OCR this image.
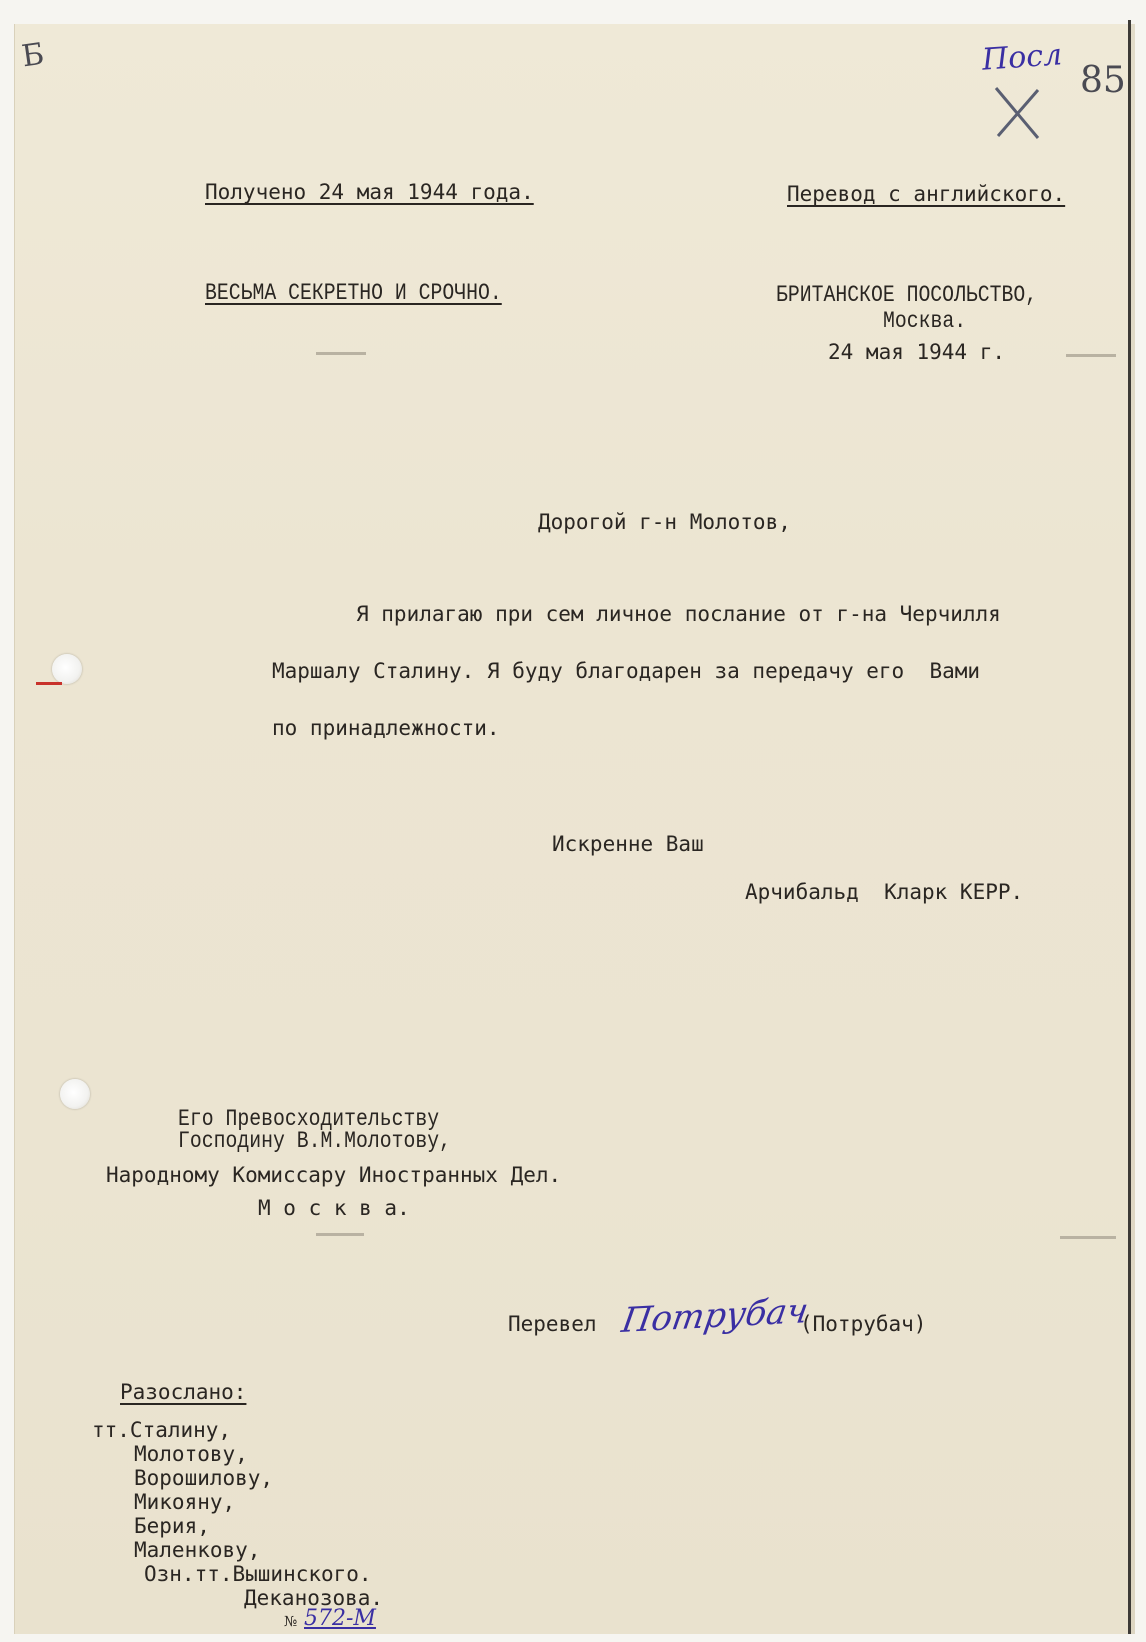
Б	Поcл
85
Получено 24 мая 1944 года.	Перевод с английского.
ВЕСЬМА СЕКРЕТНО И СРОЧНО.	БРИТАНСКОЕ ПОСОЛЬСТВО,
Москва.
24 мая 1944 г.
Дорогой г-н Молотов,
Я прилагаю при сем личное послание от г-на Черчилля
Маршалу Сталину. Я буду благодарен за передачу его  Вами
по принадлежности.
Искренне Ваш
Арчибальд  Кларк КЕРР.
Его Превосходительству
Господину В.М.Молотову,
Народному Комиссару Иностранных Дел.
М о с к в а.
Перевел Потрубач
(Потрубач)
Разослано:
тт.Сталину,
Молотову,
Ворошилову,
Микояну,
Берия,
Маленкову,
Озн.тт.Вышинского.
Деканозова.
№ 572-М
